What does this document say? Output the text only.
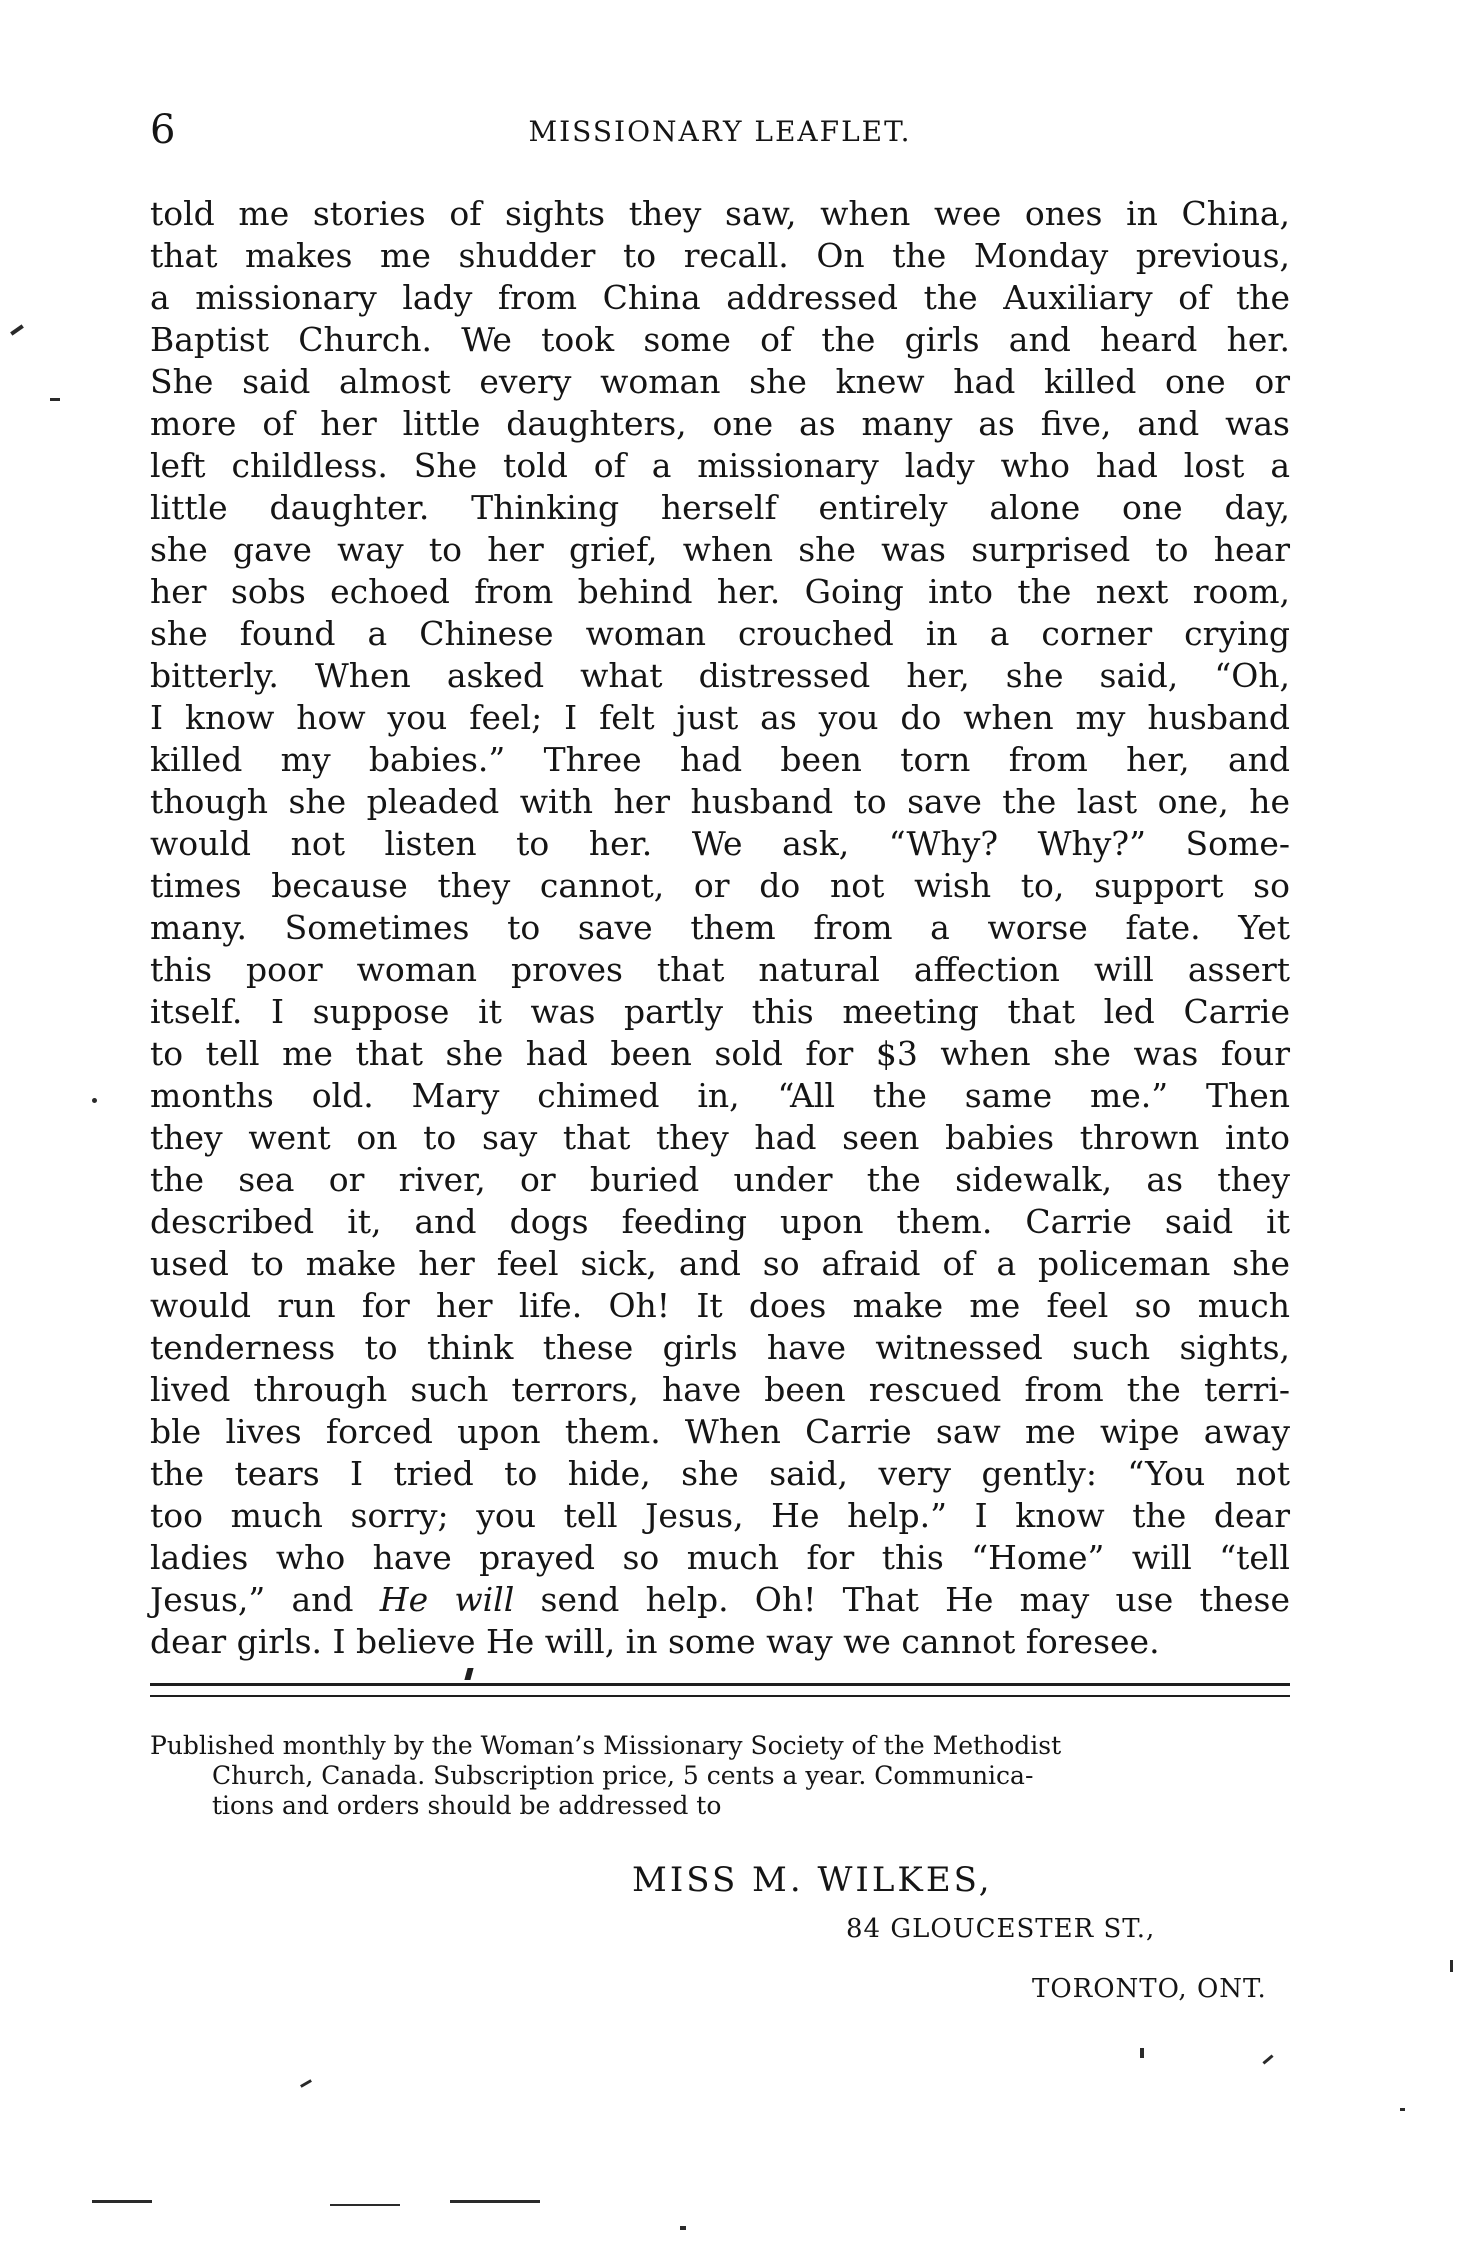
6	MISSIONARY LEAFLET.
told me stories of sights they saw, when wee ones in China,
that makes me shudder to recall. On the Monday previous,
a missionary lady from China addressed the Auxiliary of the
Baptist Church. We took some of the girls and heard her.
She said almost every woman she knew had killed one or
more of her little daughters, one as many as five, and was
left childless. She told of a missionary lady who had lost a
little daughter. Thinking herself entirely alone one day,
she gave way to her grief, when she was surprised to hear
her sobs echoed from behind her. Going into the next room,
she found a Chinese woman crouched in a corner crying
bitterly. When asked what distressed her, she said, “Oh,
I know how you feel; I felt just as you do when my husband
killed my babies.” Three had been torn from her, and
though she pleaded with her husband to save the last one, he
would not listen to her. We ask, “Why? Why?” Some-
times because they cannot, or do not wish to, support so
many. Sometimes to save them from a worse fate. Yet
this poor woman proves that natural affection will assert
itself. I suppose it was partly this meeting that led Carrie
to tell me that she had been sold for $3 when she was four
months old. Mary chimed in, “All the same me.” Then
they went on to say that they had seen babies thrown into
the sea or river, or buried under the sidewalk, as they
described it, and dogs feeding upon them. Carrie said it
used to make her feel sick, and so afraid of a policeman she
would run for her life. Oh! It does make me feel so much
tenderness to think these girls have witnessed such sights,
lived through such terrors, have been rescued from the terri-
ble lives forced upon them. When Carrie saw me wipe away
the tears I tried to hide, she said, very gently: “You not
too much sorry; you tell Jesus, He help.” I know the dear
ladies who have prayed so much for this “Home” will “tell
Jesus,” and He will send help. Oh! That He may use these
dear girls. I believe He will, in some way we cannot foresee.
Published monthly by the Woman’s Missionary Society of the Methodist
Church, Canada. Subscription price, 5 cents a year. Communica-
tions and orders should be addressed to
MISS M. WILKES,
84 GLOUCESTER ST.,
TORONTO, ONT.
